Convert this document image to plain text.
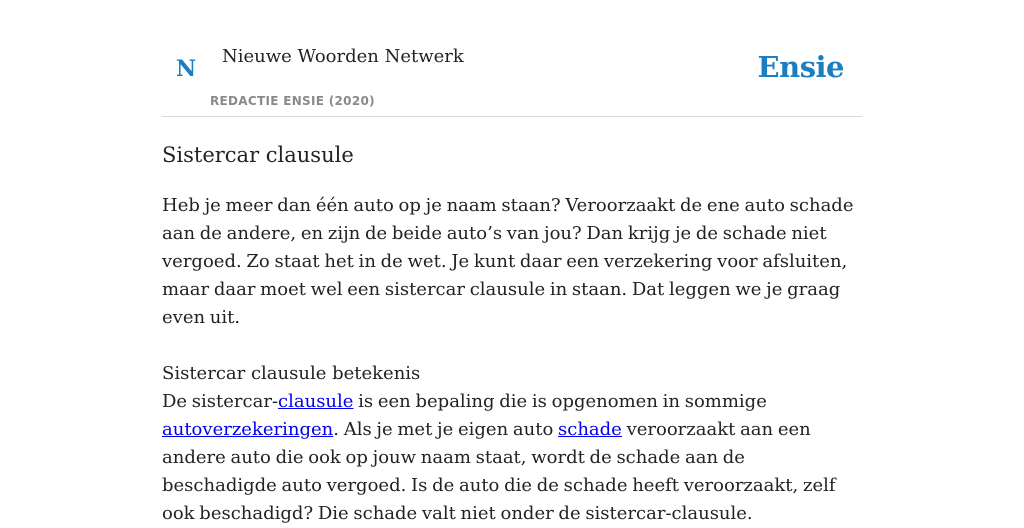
N Nieuwe Woorden Netwerk
REDACTIE ENSIE (2020)
Ensie
Sistercar clausule

Heb je meer dan één auto op je naam staan? Veroorzaakt de ene auto schade aan de andere, en zijn de beide auto’s van jou? Dan krijg je de schade niet vergoed. Zo staat het in de wet. Je kunt daar een verzekering voor afsluiten, maar daar moet wel een sistercar clausule in staan. Dat leggen we je graag even uit.

Sistercar clausule betekenis

De sistercar-clausule is een bepaling die is opgenomen in sommige autoverzekeringen. Als je met je eigen auto schade veroorzaakt aan een andere auto die ook op jouw naam staat, wordt de schade aan de beschadigde auto vergoed. Is de auto die de schade heeft veroorzaakt, zelf ook beschadigd? Die schade valt niet onder de sistercar-clausule.
